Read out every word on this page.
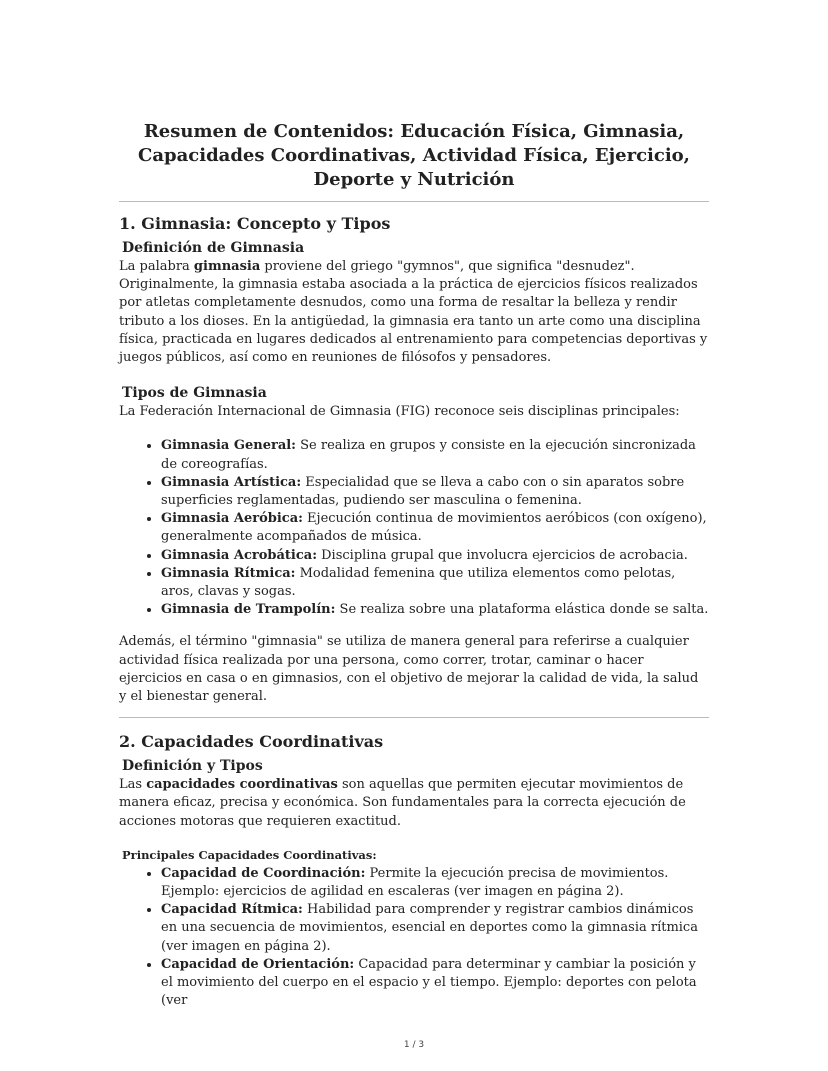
Resumen de Contenidos: Educación Física, Gimnasia, Capacidades Coordinativas, Actividad Física, Ejercicio, Deporte y Nutrición
1. Gimnasia: Concepto y Tipos
Definición de Gimnasia

La palabra gimnasia proviene del griego "gymnos", que significa "desnudez". Originalmente, la gimnasia estaba asociada a la práctica de ejercicios físicos realizados por atletas completamente desnudos, como una forma de resaltar la belleza y rendir tributo a los dioses. En la antigüedad, la gimnasia era tanto un arte como una disciplina física, practicada en lugares dedicados al entrenamiento para competencias deportivas y juegos públicos, así como en reuniones de filósofos y pensadores.

Tipos de Gimnasia

La Federación Internacional de Gimnasia (FIG) reconoce seis disciplinas principales:

• Gimnasia General: Se realiza en grupos y consiste en la ejecución sincronizada de coreografías.
• Gimnasia Artística: Especialidad que se lleva a cabo con o sin aparatos sobre superficies reglamentadas, pudiendo ser masculina o femenina.
• Gimnasia Aeróbica: Ejecución continua de movimientos aeróbicos (con oxígeno), generalmente acompañados de música.
• Gimnasia Acrobática: Disciplina grupal que involucra ejercicios de acrobacia.
• Gimnasia Rítmica: Modalidad femenina que utiliza elementos como pelotas, aros, clavas y sogas.
• Gimnasia de Trampolín: Se realiza sobre una plataforma elástica donde se salta.

Además, el término "gimnasia" se utiliza de manera general para referirse a cualquier actividad física realizada por una persona, como correr, trotar, caminar o hacer ejercicios en casa o en gimnasios, con el objetivo de mejorar la calidad de vida, la salud y el bienestar general.

2. Capacidades Coordinativas
Definición y Tipos

Las capacidades coordinativas son aquellas que permiten ejecutar movimientos de manera eficaz, precisa y económica. Son fundamentales para la correcta ejecución de acciones motoras que requieren exactitud.

Principales Capacidades Coordinativas:
• Capacidad de Coordinación: Permite la ejecución precisa de movimientos. Ejemplo: ejercicios de agilidad en escaleras (ver imagen en página 2).
• Capacidad Rítmica: Habilidad para comprender y registrar cambios dinámicos en una secuencia de movimientos, esencial en deportes como la gimnasia rítmica (ver imagen en página 2).
• Capacidad de Orientación: Capacidad para determinar y cambiar la posición y el movimiento del cuerpo en el espacio y el tiempo. Ejemplo: deportes con pelota (ver
1 / 3
